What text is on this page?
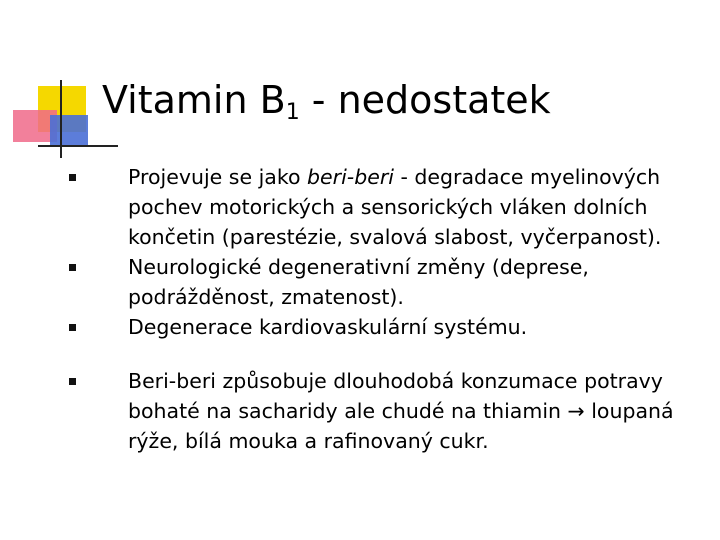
Vitamin $B_1$ - nedostatek
Projevuje se jako beri-beri - degradace myelinových pochev motorických a sensorických vláken dolních končetin (parestézie, svalová slabost, vyčerpanost).
Neurologické degenerativní změny (deprese, podrážděnost, zmatenost).
Degenerace kardiovaskulární systému.
Beri-beri způsobuje dlouhodobá konzumace potravy bohaté na sacharidy ale chudé na thiamin → loupaná rýže, bílá mouka a rafinovaný cukr.
